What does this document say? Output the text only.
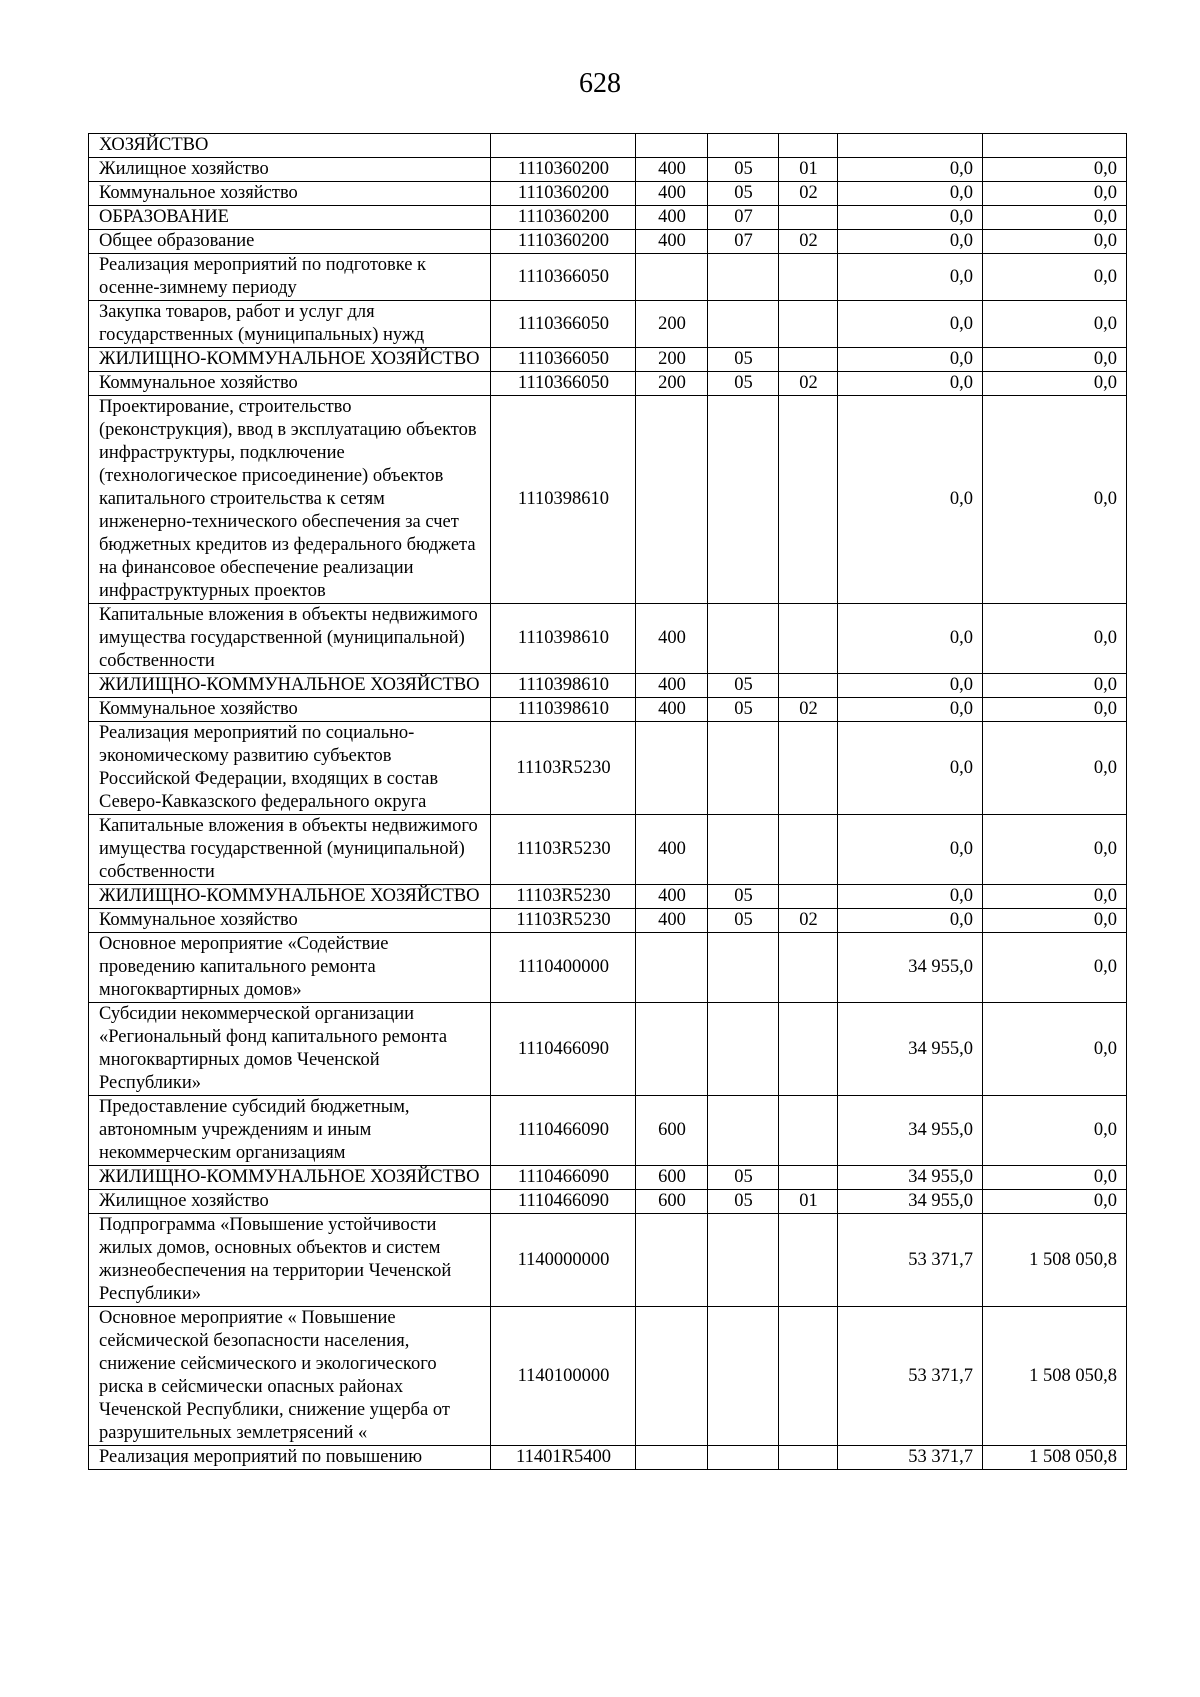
628
ХОЗЯЙСТВО						
Жилищное хозяйство	1110360200	400	05	01	0,0	0,0
Коммунальное хозяйство	1110360200	400	05	02	0,0	0,0
ОБРАЗОВАНИЕ	1110360200	400	07		0,0	0,0
Общее образование	1110360200	400	07	02	0,0	0,0
Реализация мероприятий по подготовке к осенне-зимнему периоду	1110366050				0,0	0,0
Закупка товаров, работ и услуг для государственных (муниципальных) нужд	1110366050	200			0,0	0,0
ЖИЛИЩНО-КОММУНАЛЬНОЕ ХОЗЯЙСТВО	1110366050	200	05		0,0	0,0
Коммунальное хозяйство	1110366050	200	05	02	0,0	0,0
Проектирование, строительство (реконструкция), ввод в эксплуатацию объектов инфраструктуры, подключение (технологическое присоединение) объектов капитального строительства к сетям инженерно-технического обеспечения за счет бюджетных кредитов из федерального бюджета на финансовое обеспечение реализации инфраструктурных проектов	1110398610				0,0	0,0
Капитальные вложения в объекты недвижимого имущества государственной (муниципальной) собственности	1110398610	400			0,0	0,0
ЖИЛИЩНО-КОММУНАЛЬНОЕ ХОЗЯЙСТВО	1110398610	400	05		0,0	0,0
Коммунальное хозяйство	1110398610	400	05	02	0,0	0,0
Реализация мероприятий по социально-экономическому развитию субъектов Российской Федерации, входящих в состав Северо-Кавказского федерального округа	11103R5230				0,0	0,0
Капитальные вложения в объекты недвижимого имущества государственной (муниципальной) собственности	11103R5230	400			0,0	0,0
ЖИЛИЩНО-КОММУНАЛЬНОЕ ХОЗЯЙСТВО	11103R5230	400	05		0,0	0,0
Коммунальное хозяйство	11103R5230	400	05	02	0,0	0,0
Основное мероприятие «Содействие проведению капитального ремонта многоквартирных домов»	1110400000				34 955,0	0,0
Субсидии некоммерческой организации «Региональный фонд капитального ремонта многоквартирных домов Чеченской Республики»	1110466090				34 955,0	0,0
Предоставление субсидий бюджетным, автономным учреждениям и иным некоммерческим организациям	1110466090	600			34 955,0	0,0
ЖИЛИЩНО-КОММУНАЛЬНОЕ ХОЗЯЙСТВО	1110466090	600	05		34 955,0	0,0
Жилищное хозяйство	1110466090	600	05	01	34 955,0	0,0
Подпрограмма «Повышение устойчивости жилых домов, основных объектов и систем жизнеобеспечения на территории Чеченской Республики»	1140000000				53 371,7	1 508 050,8
Основное мероприятие « Повышение сейсмической безопасности населения, снижение сейсмического и экологического риска в сейсмически опасных районах Чеченской Республики, снижение ущерба от разрушительных землетрясений «	1140100000				53 371,7	1 508 050,8
Реализация мероприятий по повышению	11401R5400				53 371,7	1 508 050,8
